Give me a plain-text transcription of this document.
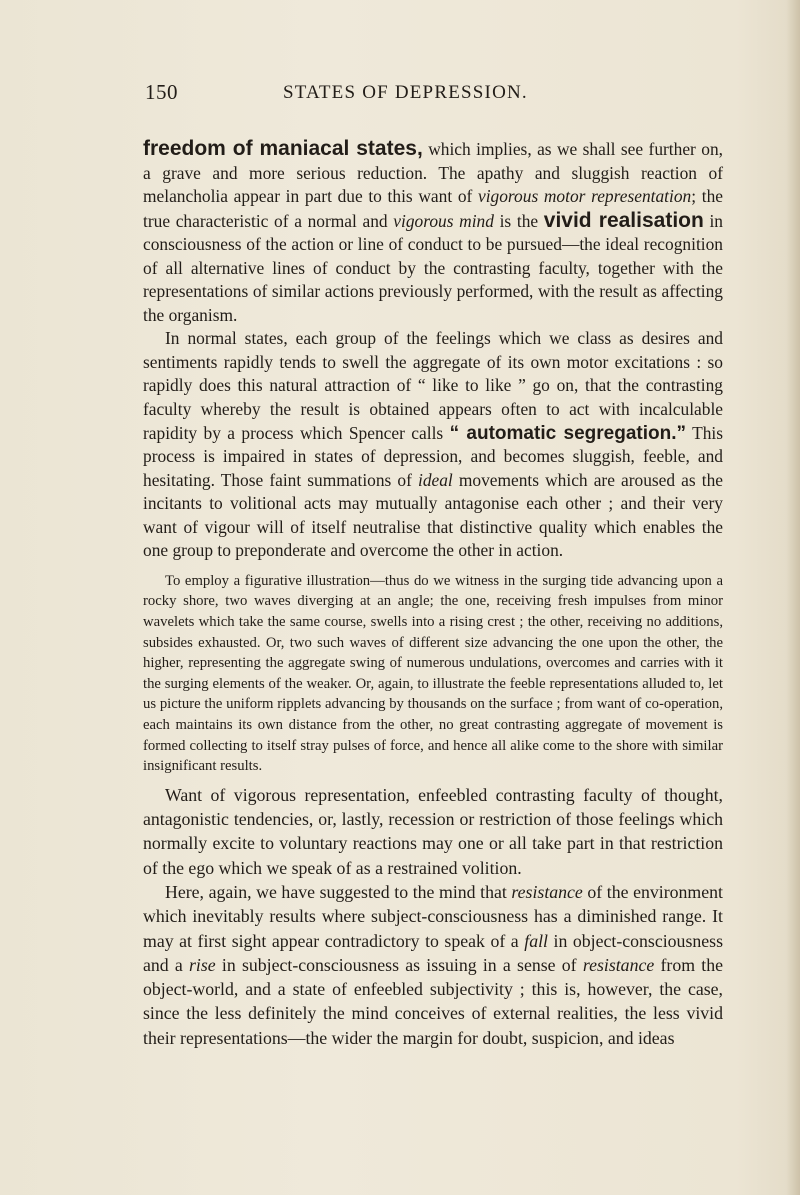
150	STATES OF DEPRESSION.

freedom of maniacal states, which implies, as we shall see further on, a grave and more serious reduction. The apathy and sluggish reaction of melancholia appear in part due to this want of vigorous motor representation; the true characteristic of a normal and vigorous mind is the vivid realisation in consciousness of the action or line of conduct to be pursued—the ideal recognition of all alternative lines of conduct by the contrasting faculty, together with the representations of similar actions previously performed, with the result as affecting the organism.

In normal states, each group of the feelings which we class as desires and sentiments rapidly tends to swell the aggregate of its own motor excitations : so rapidly does this natural attraction of “ like to like ” go on, that the contrasting faculty whereby the result is obtained appears often to act with incalculable rapidity by a process which Spencer calls “ automatic segregation.” This process is impaired in states of depression, and becomes sluggish, feeble, and hesitating. Those faint summations of ideal movements which are aroused as the incitants to volitional acts may mutually antagonise each other ; and their very want of vigour will of itself neutralise that distinctive quality which enables the one group to preponderate and overcome the other in action.

To employ a figurative illustration—thus do we witness in the surging tide advancing upon a rocky shore, two waves diverging at an angle; the one, receiving fresh impulses from minor wavelets which take the same course, swells into a rising crest ; the other, receiving no additions, subsides exhausted. Or, two such waves of different size advancing the one upon the other, the higher, representing the aggregate swing of numerous undulations, overcomes and carries with it the surging elements of the weaker. Or, again, to illustrate the feeble representations alluded to, let us picture the uniform ripplets advancing by thousands on the surface ; from want of co-operation, each maintains its own distance from the other, no great contrasting aggregate of movement is formed collecting to itself stray pulses of force, and hence all alike come to the shore with similar insignificant results.

Want of vigorous representation, enfeebled contrasting faculty of thought, antagonistic tendencies, or, lastly, recession or restriction of those feelings which normally excite to voluntary reactions may one or all take part in that restriction of the ego which we speak of as a restrained volition.

Here, again, we have suggested to the mind that resistance of the environment which inevitably results where subject-consciousness has a diminished range. It may at first sight appear contradictory to speak of a fall in object-consciousness and a rise in subject-consciousness as issuing in a sense of resistance from the object-world, and a state of enfeebled subjectivity ; this is, however, the case, since the less definitely the mind conceives of external realities, the less vivid their representations—the wider the margin for doubt, suspicion, and ideas
